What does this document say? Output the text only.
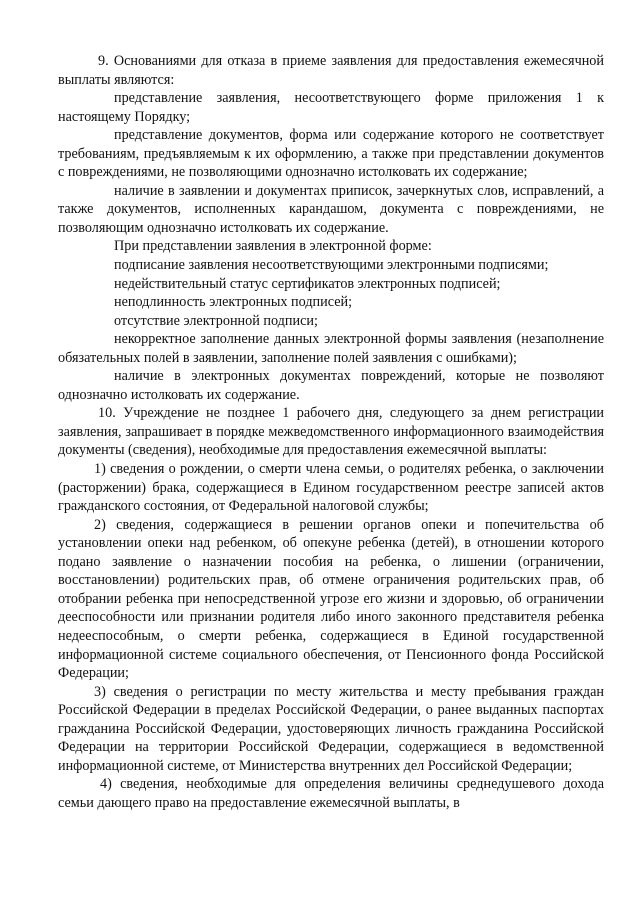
9. Основаниями для отказа в приеме заявления для предоставления ежемесячной выплаты являются:

представление заявления, несоответствующего форме приложения 1 к настоящему Порядку;

представление документов, форма или содержание которого не соответствует требованиям, предъявляемым к их оформлению, а также при представлении документов с повреждениями, не позволяющими однозначно истолковать их содержание;

наличие в заявлении и документах приписок, зачеркнутых слов, исправлений, а также документов, исполненных карандашом, документа с повреждениями, не позволяющим однозначно истолковать их содержание.

При представлении заявления в электронной форме:

подписание заявления несоответствующими электронными подписями;

недействительный статус сертификатов электронных подписей;

неподлинность электронных подписей;

отсутствие электронной подписи;

некорректное заполнение данных электронной формы заявления (незаполнение обязательных полей в заявлении, заполнение полей заявления с ошибками);

наличие в электронных документах повреждений, которые не позволяют однозначно истолковать их содержание.

10. Учреждение не позднее 1 рабочего дня, следующего за днем регистрации заявления, запрашивает в порядке межведомственного информационного взаимодействия документы (сведения), необходимые для предоставления ежемесячной выплаты:

1) сведения о рождении, о смерти члена семьи, о родителях ребенка, о заключении (расторжении) брака, содержащиеся в Едином государственном реестре записей актов гражданского состояния, от Федеральной налоговой службы;

2) сведения, содержащиеся в решении органов опеки и попечительства об установлении опеки над ребенком, об опекуне ребенка (детей), в отношении которого подано заявление о назначении пособия на ребенка, о лишении (ограничении, восстановлении) родительских прав, об отмене ограничения родительских прав, об отобрании ребенка при непосредственной угрозе его жизни и здоровью, об ограничении дееспособности или признании родителя либо иного законного представителя ребенка недееспособным, о смерти ребенка, содержащиеся в Единой государственной информационной системе социального обеспечения, от Пенсионного фонда Российской Федерации;

3) сведения о регистрации по месту жительства и месту пребывания граждан Российской Федерации в пределах Российской Федерации, о ранее выданных паспортах гражданина Российской Федерации, удостоверяющих личность гражданина Российской Федерации на территории Российской Федерации, содержащиеся в ведомственной информационной системе, от Министерства внутренних дел Российской Федерации;

4) сведения, необходимые для определения величины среднедушевого дохода семьи дающего право на предоставление ежемесячной выплаты, в
